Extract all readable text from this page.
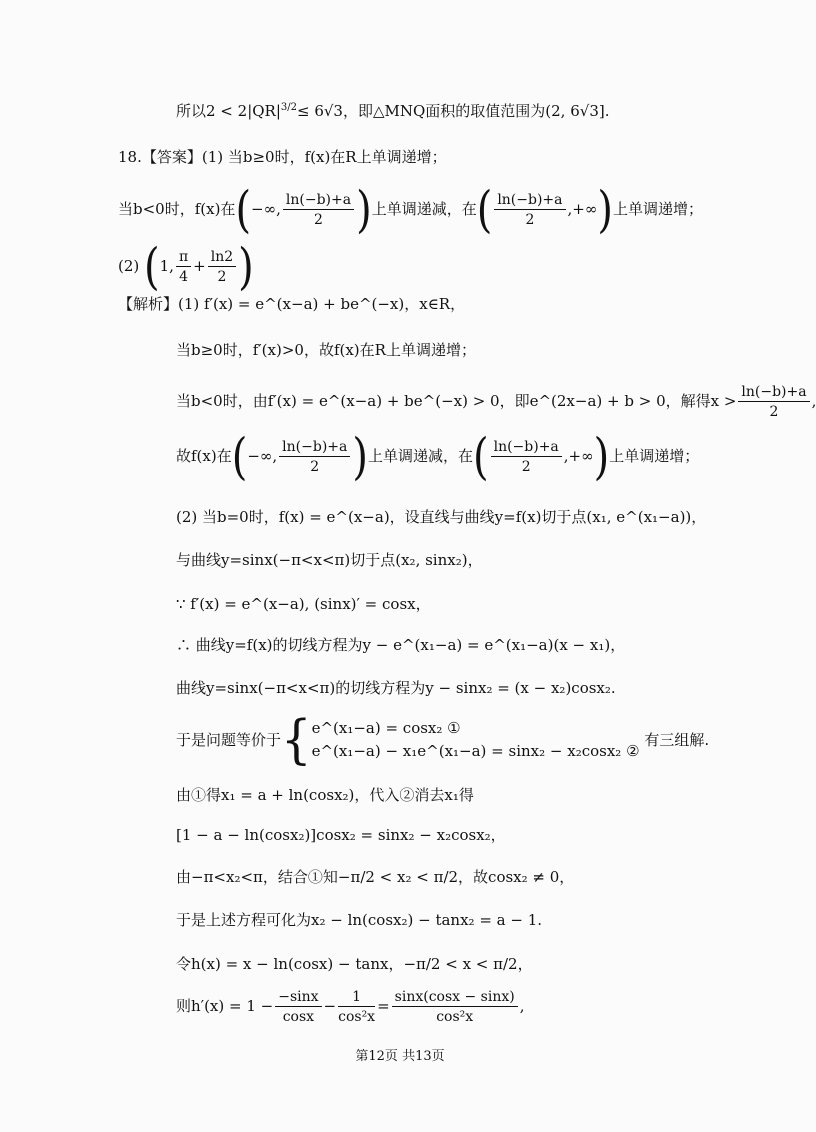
所以$2 < 2|QR|^{3/2}\le 6√3$，即△MNQ面积的取值范围为(2, 6√3].
18.【答案】(1) 当b≥0时，f(x)在R上单调递增；
当b<0时，f(x)在(−∞, $\frac{\ln(-b)+a}{2}$ )上单调递减，在( $\frac{\ln(-b)+a}{2}$ ,+∞)上单调递增；
(2) (1, $\frac{\pi}{4} + \frac{\ln 2}{2}$ )
【解析】(1) f′(x) = e^(x−a) + be^(−x)，x∈R，
当b≥0时，f′(x)>0，故f(x)在R上单调递增；
当b<0时，由f′(x) = e^(x−a) + be^(−x) > 0，即e^(2x−a) + b > 0，解得$x > \frac{\ln(-b)+a}{2}$ ,
故f(x)在(−∞, $\frac{\ln(-b)+a}{2}$ )上单调递减，在( $\frac{\ln(-b)+a}{2}$ ,+∞)上单调递增；
(2) 当b=0时，f(x) = e^(x−a)，设直线与曲线y=f(x)切于点(x₁, e^(x₁−a))，
与曲线y=sinx(−π<x<π)切于点(x₂, sinx₂)，
∵ f′(x) = e^(x−a), (sinx)′ = cosx，
∴ 曲线y=f(x)的切线方程为y − e^(x₁−a) = e^(x₁−a)(x − x₁)，
曲线y=sinx(−π<x<π)的切线方程为y − sinx₂ = (x − x₂)cosx₂.
于是问题等价于{e^(x₁−a) = cosx₂ ①
e^(x₁−a) − x₁e^(x₁−a) = sinx₂ − x₂cosx₂ ② 有三组解.
由①得x₁ = a + ln(cosx₂)，代入②消去x₁得
[1 − a − ln(cosx₂)]cosx₂ = sinx₂ − x₂cosx₂，
由−π<x₂<π，结合①知−π/2 < x₂ < π/2，故cosx₂ ≠ 0，
于是上述方程可化为x₂ − ln(cosx₂) − tanx₂ = a − 1.
令h(x) = x − ln(cosx) − tanx，−π/2 < x < π/2，
则$h'(x) = 1 - \frac{-\sin x}{\cos x} - \frac{1}{\text{cos²x}} = \frac{\sin x(\cos x - \sin x)}{\text{cos²x}}$ ,
第12页 共13页
